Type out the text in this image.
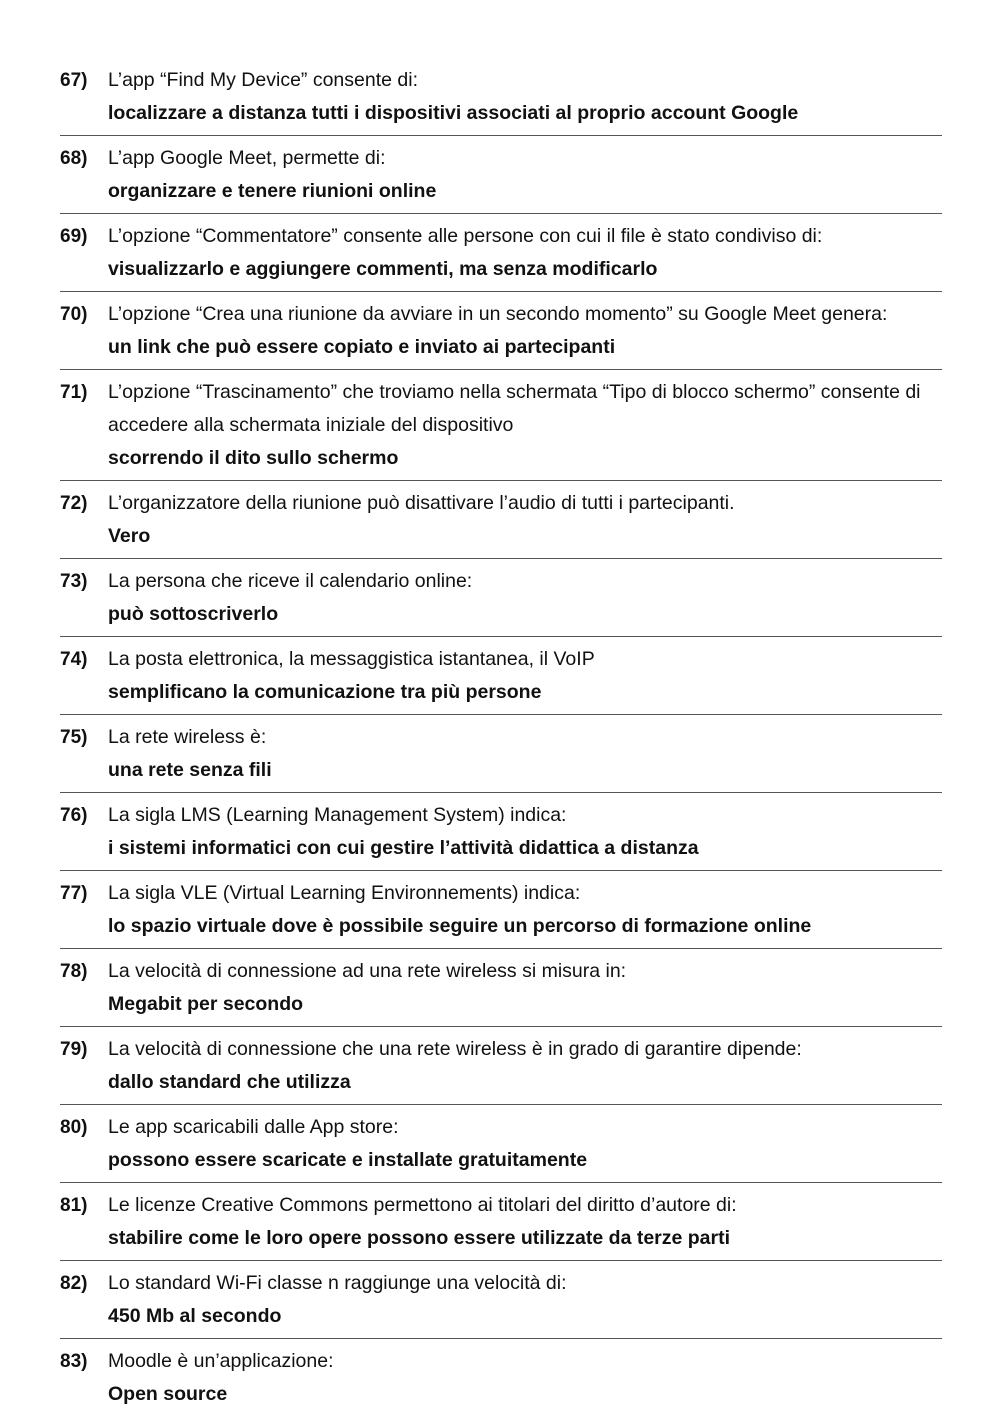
67)	L’app “Find My Device” consente di:
localizzare a distanza tutti i dispositivi associati al proprio account Google
68)	L’app Google Meet, permette di:
organizzare e tenere riunioni online
69)	L’opzione “Commentatore” consente alle persone con cui il file è stato condiviso di:
visualizzarlo e aggiungere commenti, ma senza modificarlo
70)	L’opzione “Crea una riunione da avviare in un secondo momento” su Google Meet genera:
un link che può essere copiato e inviato ai partecipanti
71)	L’opzione “Trascinamento” che troviamo nella schermata “Tipo di blocco schermo” consente di accedere alla schermata iniziale del dispositivo
scorrendo il dito sullo schermo
72)	L’organizzatore della riunione può disattivare l’audio di tutti i partecipanti.
Vero
73)	La persona che riceve il calendario online:
può sottoscriverlo
74)	La posta elettronica, la messaggistica istantanea, il VoIP
semplificano la comunicazione tra più persone
75)	La rete wireless è:
una rete senza fili
76)	La sigla LMS (Learning Management System) indica:
i sistemi informatici con cui gestire l’attività didattica a distanza
77)	La sigla VLE (Virtual Learning Environnements) indica:
lo spazio virtuale dove è possibile seguire un percorso di formazione online
78)	La velocità di connessione ad una rete wireless si misura in:
Megabit per secondo
79)	La velocità di connessione che una rete wireless è in grado di garantire dipende:
dallo standard che utilizza
80)	Le app scaricabili dalle App store:
possono essere scaricate e installate gratuitamente
81)	Le licenze Creative Commons permettono ai titolari del diritto d’autore di:
stabilire come le loro opere possono essere utilizzate da terze parti
82)	Lo standard Wi-Fi classe n raggiunge una velocità di:
450 Mb al secondo
83)	Moodle è un’applicazione:
Open source
